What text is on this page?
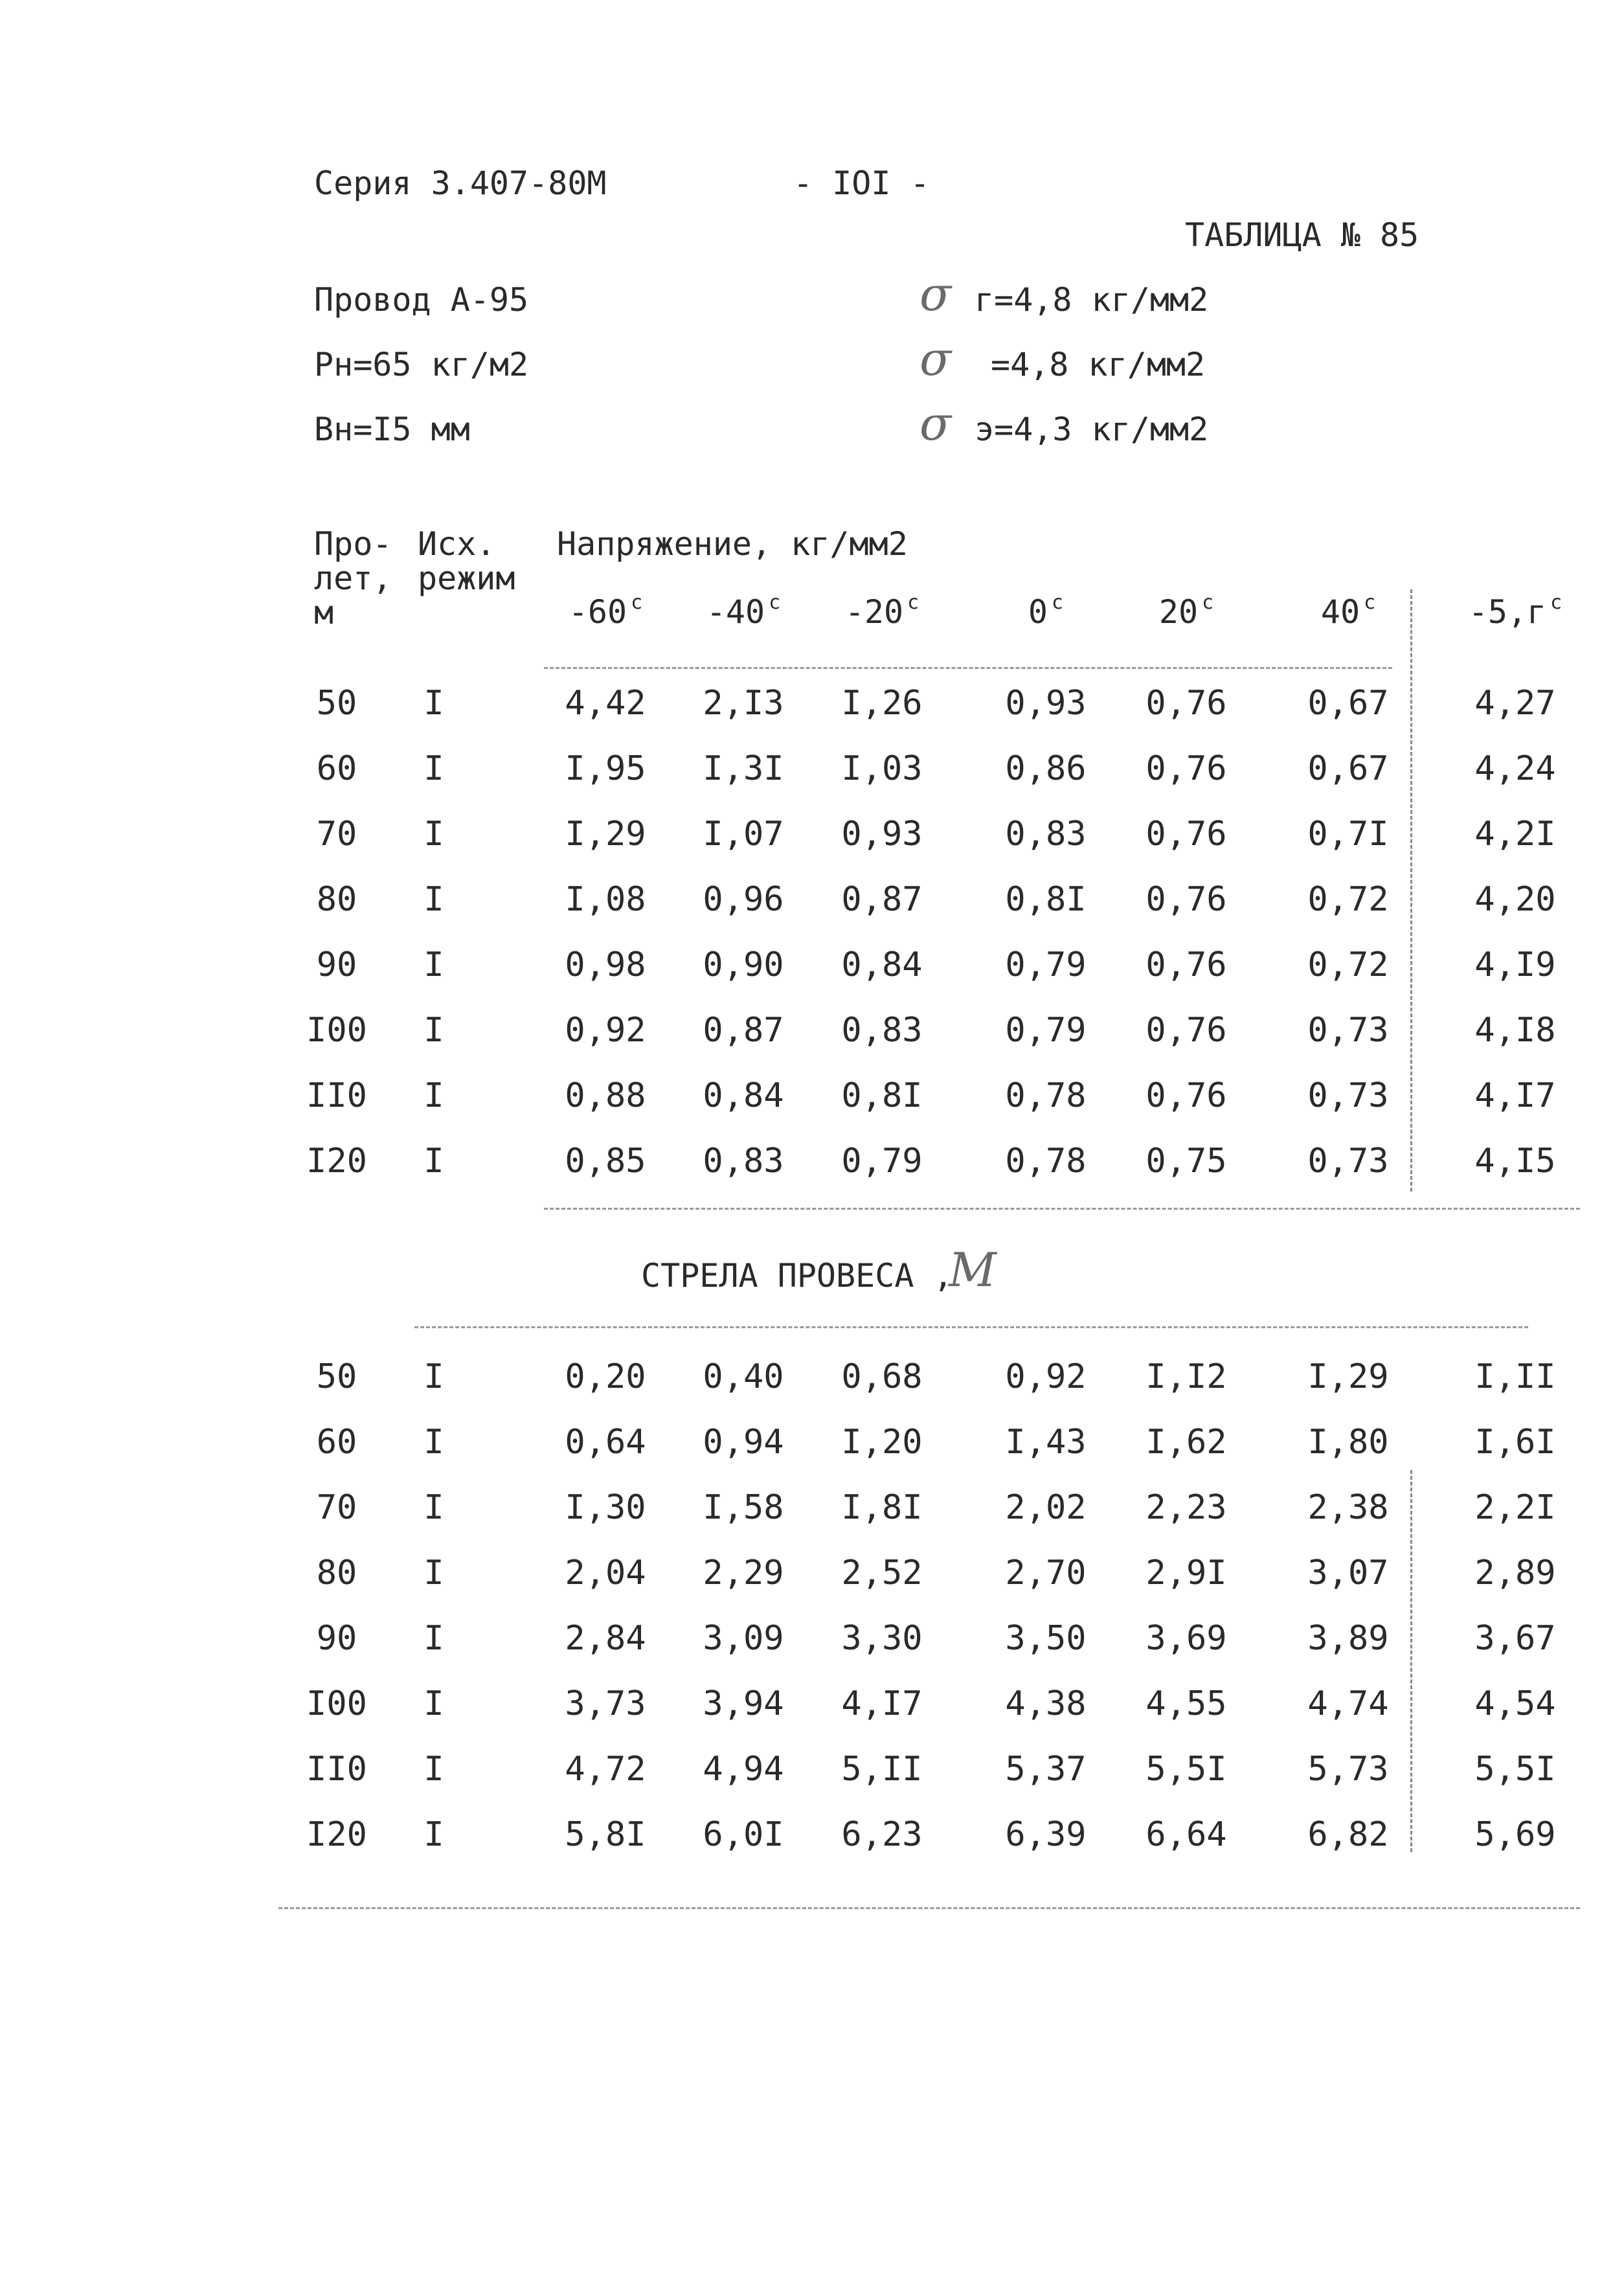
Серия 3.407-80М	- IOI -
ТАБЛИЦА № 85
Провод А-95
Рн=65 кг/м2
Вн=I5 мм
σ г=4,8 кг/мм2
σ =4,8 кг/мм2
σ э=4,3 кг/мм2
Про-
лет,
м
Исх.
режим
Напряжение, кг/мм2
-60 $^с$	-40 $^с$	-20 $^с$	0 $^с$	20 $^с$	40 $^с$	-5,г $^с$
50	I	4,42	2,I3	I,26	0,93	0,76	0,67	4,27
60	I	I,95	I,3I	I,03	0,86	0,76	0,67	4,24
70	I	I,29	I,07	0,93	0,83	0,76	0,7I	4,2I
80	I	I,08	0,96	0,87	0,8I	0,76	0,72	4,20
90	I	0,98	0,90	0,84	0,79	0,76	0,72	4,I9
I00	I	0,92	0,87	0,83	0,79	0,76	0,73	4,I8
II0	I	0,88	0,84	0,8I	0,78	0,76	0,73	4,I7
I20	I	0,85	0,83	0,79	0,78	0,75	0,73	4,I5
СТРЕЛА ПРОВЕСА ,
М
50	I	0,20	0,40	0,68	0,92	I,I2	I,29	I,II
60	I	0,64	0,94	I,20	I,43	I,62	I,80	I,6I
70	I	I,30	I,58	I,8I	2,02	2,23	2,38	2,2I
80	I	2,04	2,29	2,52	2,70	2,9I	3,07	2,89
90	I	2,84	3,09	3,30	3,50	3,69	3,89	3,67
I00	I	3,73	3,94	4,I7	4,38	4,55	4,74	4,54
II0	I	4,72	4,94	5,II	5,37	5,5I	5,73	5,5I
I20	I	5,8I	6,0I	6,23	6,39	6,64	6,82	5,69
